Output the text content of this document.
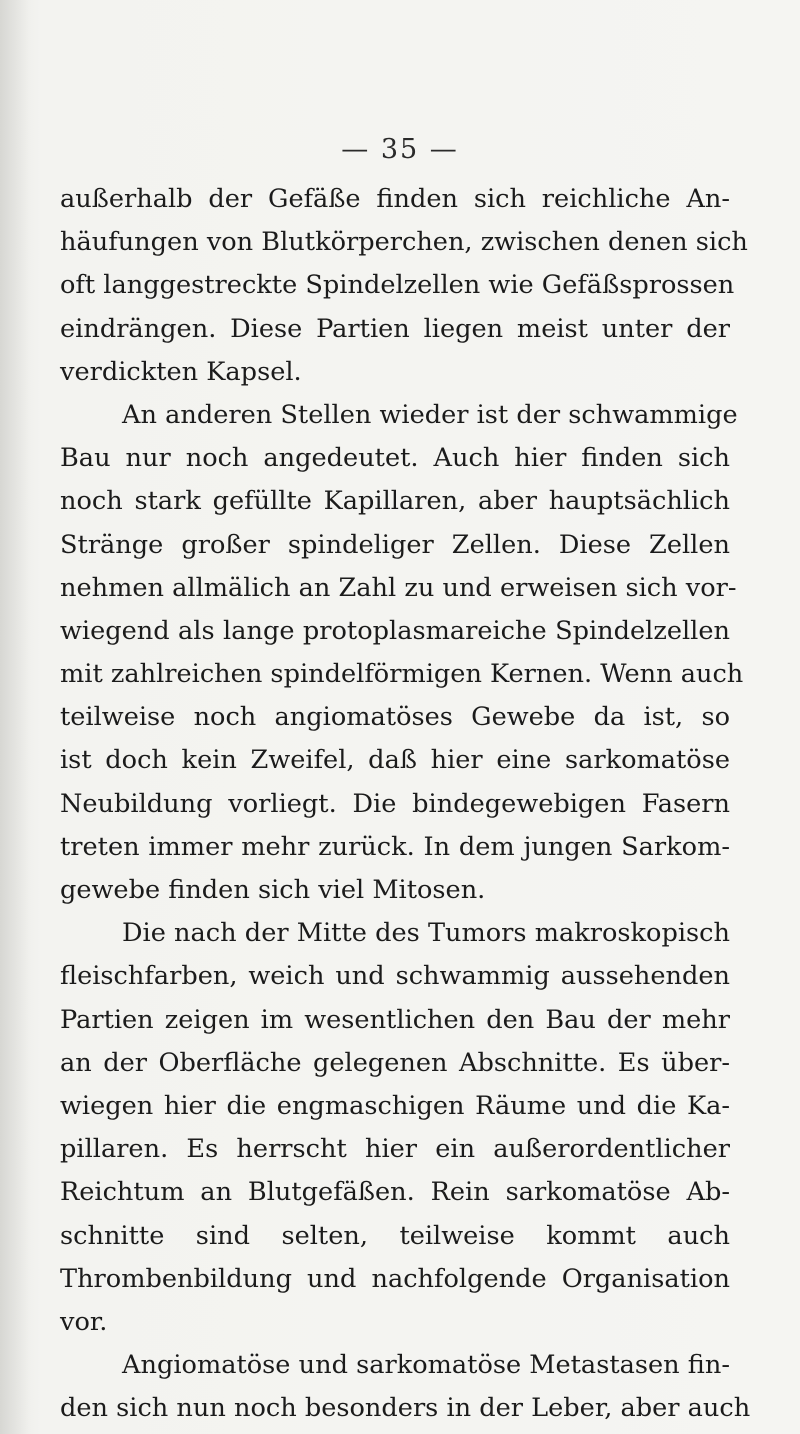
— 35 —
außerhalb der Gefäße finden sich reichliche An-
häufungen von Blutkörperchen, zwischen denen sich
oft langgestreckte Spindelzellen wie Gefäßsprossen
eindrängen. Diese Partien liegen meist unter der
verdickten Kapsel.
An anderen Stellen wieder ist der schwammige
Bau nur noch angedeutet. Auch hier finden sich
noch stark gefüllte Kapillaren, aber hauptsächlich
Stränge großer spindeliger Zellen. Diese Zellen
nehmen allmälich an Zahl zu und erweisen sich vor-
wiegend als lange protoplasmareiche Spindelzellen
mit zahlreichen spindelförmigen Kernen. Wenn auch
teilweise noch angiomatöses Gewebe da ist, so
ist doch kein Zweifel, daß hier eine sarkomatöse
Neubildung vorliegt. Die bindegewebigen Fasern
treten immer mehr zurück. In dem jungen Sarkom-
gewebe finden sich viel Mitosen.
Die nach der Mitte des Tumors makroskopisch
fleischfarben, weich und schwammig aussehenden
Partien zeigen im wesentlichen den Bau der mehr
an der Oberfläche gelegenen Abschnitte. Es über-
wiegen hier die engmaschigen Räume und die Ka-
pillaren. Es herrscht hier ein außerordentlicher
Reichtum an Blutgefäßen. Rein sarkomatöse Ab-
schnitte sind selten, teilweise kommt auch
Thrombenbildung und nachfolgende Organisation
vor.
Angiomatöse und sarkomatöse Metastasen fin-
den sich nun noch besonders in der Leber, aber auch
